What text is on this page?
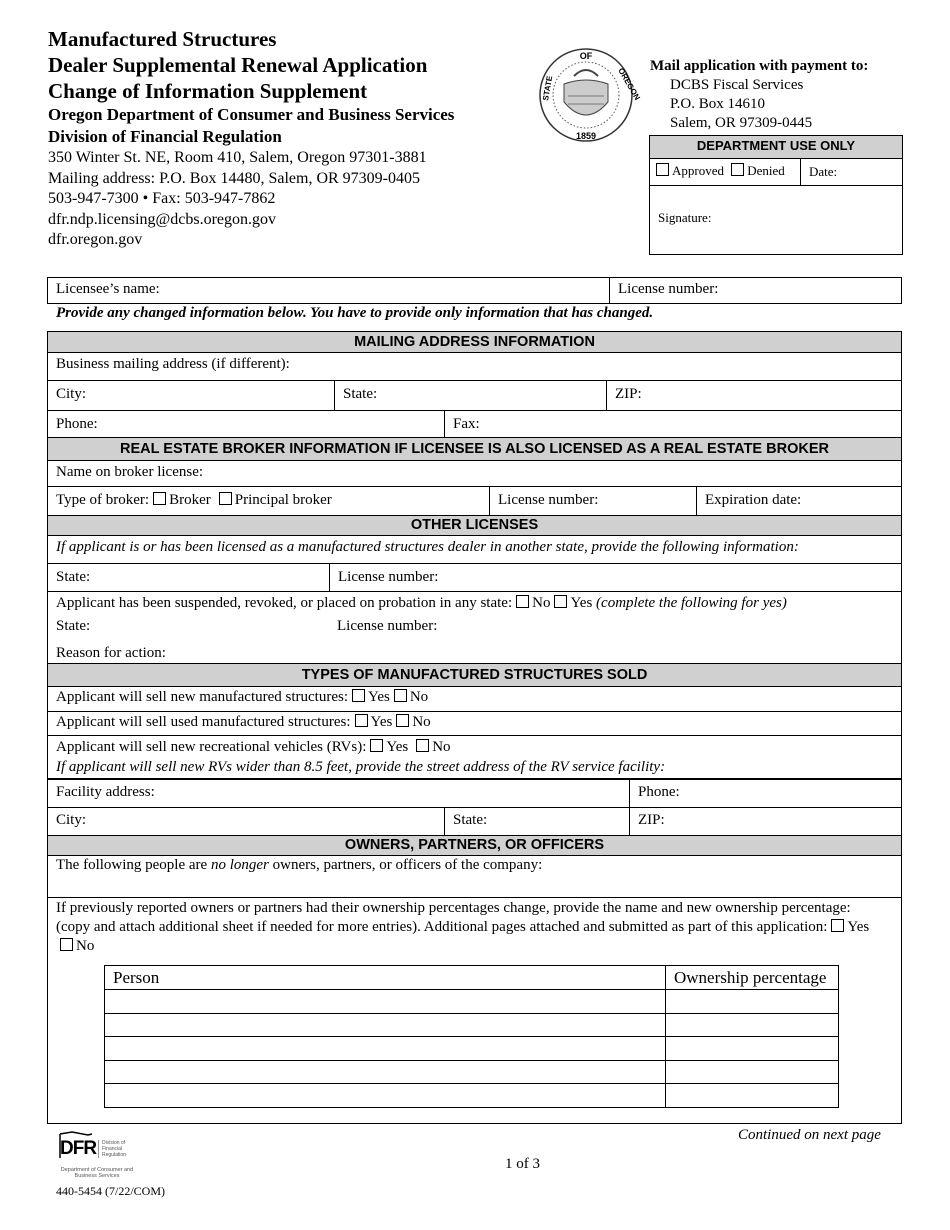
Manufactured Structures
Dealer Supplemental Renewal Application
Change of Information Supplement
Oregon Department of Consumer and Business Services
Division of Financial Regulation
350 Winter St. NE, Room 410, Salem, Oregon 97301-3881
Mailing address: P.O. Box 14480, Salem, OR 97309-0405
503-947-7300 • Fax: 503-947-7862
dfr.ndp.licensing@dcbs.oregon.gov
dfr.oregon.gov
OF
STATE	OREGON
1859
Mail application with payment to:
DCBS Fiscal Services
P.O. Box 14610
Salem, OR 97309-0445
DEPARTMENT USE ONLY
Approved Denied	Date:
Signature:
Licensee’s name:	License number:
Provide any changed information below. You have to provide only information that has changed.
MAILING ADDRESS INFORMATION
Business mailing address (if different):
City:	State:	ZIP:
Phone:	Fax:
REAL ESTATE BROKER INFORMATION IF LICENSEE IS ALSO LICENSED AS A REAL ESTATE BROKER
Name on broker license:
Type of broker: Broker Principal broker	License number:	Expiration date:
OTHER LICENSES
If applicant is or has been licensed as a manufactured structures dealer in another state, provide the following information:
State:	License number:
Applicant has been suspended, revoked, or placed on probation in any state: No Yes (complete the following for yes)
State:	License number:
Reason for action:
TYPES OF MANUFACTURED STRUCTURES SOLD
Applicant will sell new manufactured structures: Yes No
Applicant will sell used manufactured structures: Yes No
Applicant will sell new recreational vehicles (RVs): Yes No
If applicant will sell new RVs wider than 8.5 feet, provide the street address of the RV service facility:
Facility address:	Phone:
City:	State:	ZIP:
OWNERS, PARTNERS, OR OFFICERS
The following people are no longer owners, partners, or officers of the company:
If previously reported owners or partners had their ownership percentages change, provide the name and new ownership percentage: (copy and attach additional sheet if needed for more entries). Additional pages attached and submitted as part of this application: YesNo
Person	Ownership percentage

Continued on next page
1 of 3
DFR	Division of Financial Regulation
Department of Consumer and Business Services
440-5454 (7/22/COM)
